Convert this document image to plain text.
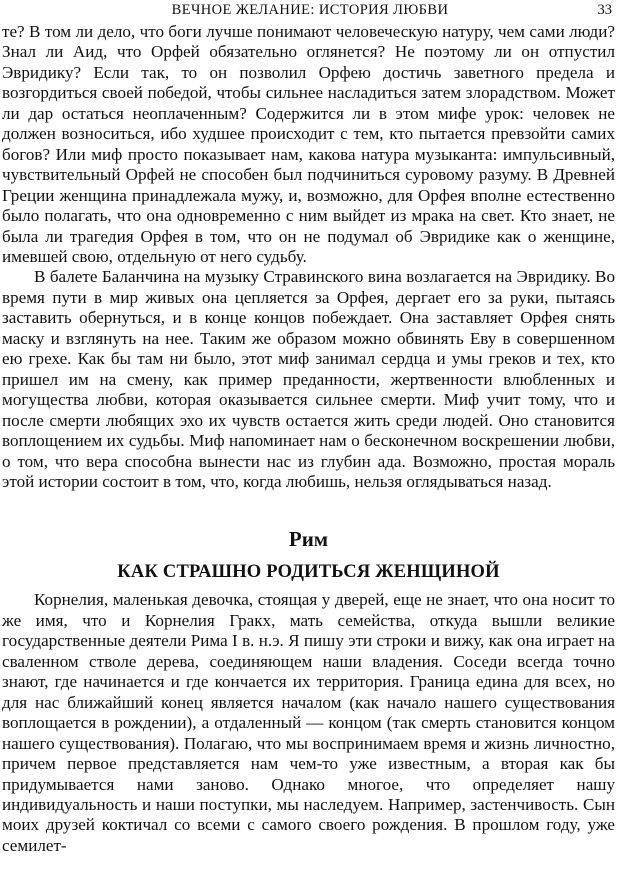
ВЕЧНОЕ ЖЕЛАНИЕ: ИСТОРИЯ ЛЮБВИ	33

те? В том ли дело, что боги лучше понимают человеческую натуру, чем сами люди? Знал ли Аид, что Орфей обязательно оглянется? Не поэтому ли он отпустил Эвридику? Если так, то он позволил Орфею достичь заветного предела и возгордиться своей победой, чтобы сильнее насладиться затем злорадством. Может ли дар остаться неоплаченным? Содержится ли в этом мифе урок: человек не должен возноситься, ибо худшее происходит с тем, кто пытается превзойти самих богов? Или миф просто показывает нам, какова натура музыканта: импульсивный, чувствительный Орфей не способен был подчиниться суровому разуму. В Древней Греции женщина принадлежала мужу, и, возможно, для Орфея вполне естественно было полагать, что она одновременно с ним выйдет из мрака на свет. Кто знает, не была ли трагедия Орфея в том, что он не подумал об Эвридике как о женщине, имевшей свою, отдельную от него судьбу.

В балете Баланчина на музыку Стравинского вина возлагается на Эвридику. Во время пути в мир живых она цепляется за Орфея, дергает его за руки, пытаясь заставить обернуться, и в конце концов побеждает. Она заставляет Орфея снять маску и взглянуть на нее. Таким же образом можно обвинять Еву в совершенном ею грехе. Как бы там ни было, этот миф занимал сердца и умы греков и тех, кто пришел им на смену, как пример преданности, жертвенности влюбленных и могущества любви, которая оказывается сильнее смерти. Миф учит тому, что и после смерти любящих эхо их чувств остается жить среди людей. Оно становится воплощением их судьбы. Миф напоминает нам о бесконечном воскрешении любви, о том, что вера способна вынести нас из глубин ада. Возможно, простая мораль этой истории состоит в том, что, когда любишь, нельзя оглядываться назад.

Рим
КАК СТРАШНО РОДИТЬСЯ ЖЕНЩИНОЙ

Корнелия, маленькая девочка, стоящая у дверей, еще не знает, что она носит то же имя, что и Корнелия Гракх, мать семейства, откуда вышли великие государственные деятели Рима I в. н.э. Я пишу эти строки и вижу, как она играет на сваленном стволе дерева, соединяющем наши владения. Соседи всегда точно знают, где начинается и где кончается их территория. Граница едина для всех, но для нас ближайший конец является началом (как начало нашего существования воплощается в рождении), а отдаленный — концом (так смерть становится концом нашего существования). Полагаю, что мы воспринимаем время и жизнь личностно, причем первое представляется нам чем-то уже известным, а вторая как бы придумывается нами заново. Однако многое, что определяет нашу индивидуальность и наши поступки, мы наследуем. Например, застенчивость. Сын моих друзей коктичал со всеми с самого своего рождения. В прошлом году, уже семилет-
